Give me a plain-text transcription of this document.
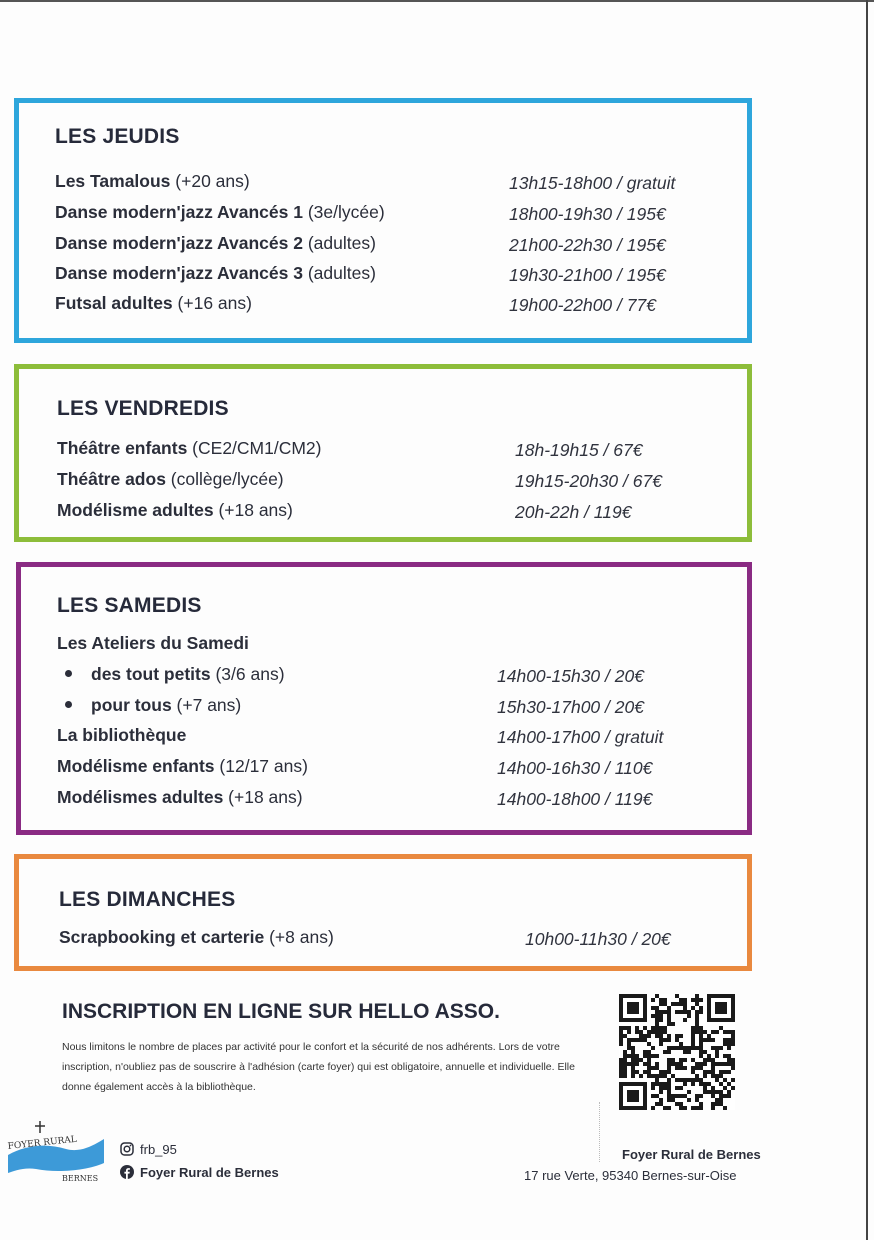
LES JEUDIS
Les Tamalous (+20 ans)	13h15-18h00 / gratuit
Danse modern'jazz Avancés 1 (3e/lycée)	18h00-19h30 / 195€
Danse modern'jazz Avancés 2 (adultes)	21h00-22h30 / 195€
Danse modern'jazz Avancés 3 (adultes)	19h30-21h00 / 195€
Futsal adultes (+16 ans)	19h00-22h00 / 77€
LES VENDREDIS
Théâtre enfants (CE2/CM1/CM2)	18h-19h15 / 67€
Théâtre ados (collège/lycée)	19h15-20h30 / 67€
Modélisme adultes (+18 ans)	20h-22h / 119€
LES SAMEDIS
Les Ateliers du Samedi
des tout petits (3/6 ans)	14h00-15h30 / 20€
pour tous (+7 ans)	15h30-17h00 / 20€
La bibliothèque	14h00-17h00 / gratuit
Modélisme enfants (12/17 ans)	14h00-16h30 / 110€
Modélismes adultes (+18 ans)	14h00-18h00 / 119€
LES DIMANCHES
Scrapbooking et carterie (+8 ans)	10h00-11h30 / 20€
INSCRIPTION EN LIGNE SUR HELLO ASSO.
Nous limitons le nombre de places par activité pour le confort et la sécurité de nos adhérents. Lors de votre inscription, n'oubliez pas de souscrire à l'adhésion (carte foyer) qui est obligatoire, annuelle et individuelle. Elle donne également accès à la bibliothèque.
FOYER RURAL
BERNES
frb_95
Foyer Rural de Bernes
Foyer Rural de Bernes
17 rue Verte, 95340 Bernes-sur-Oise
